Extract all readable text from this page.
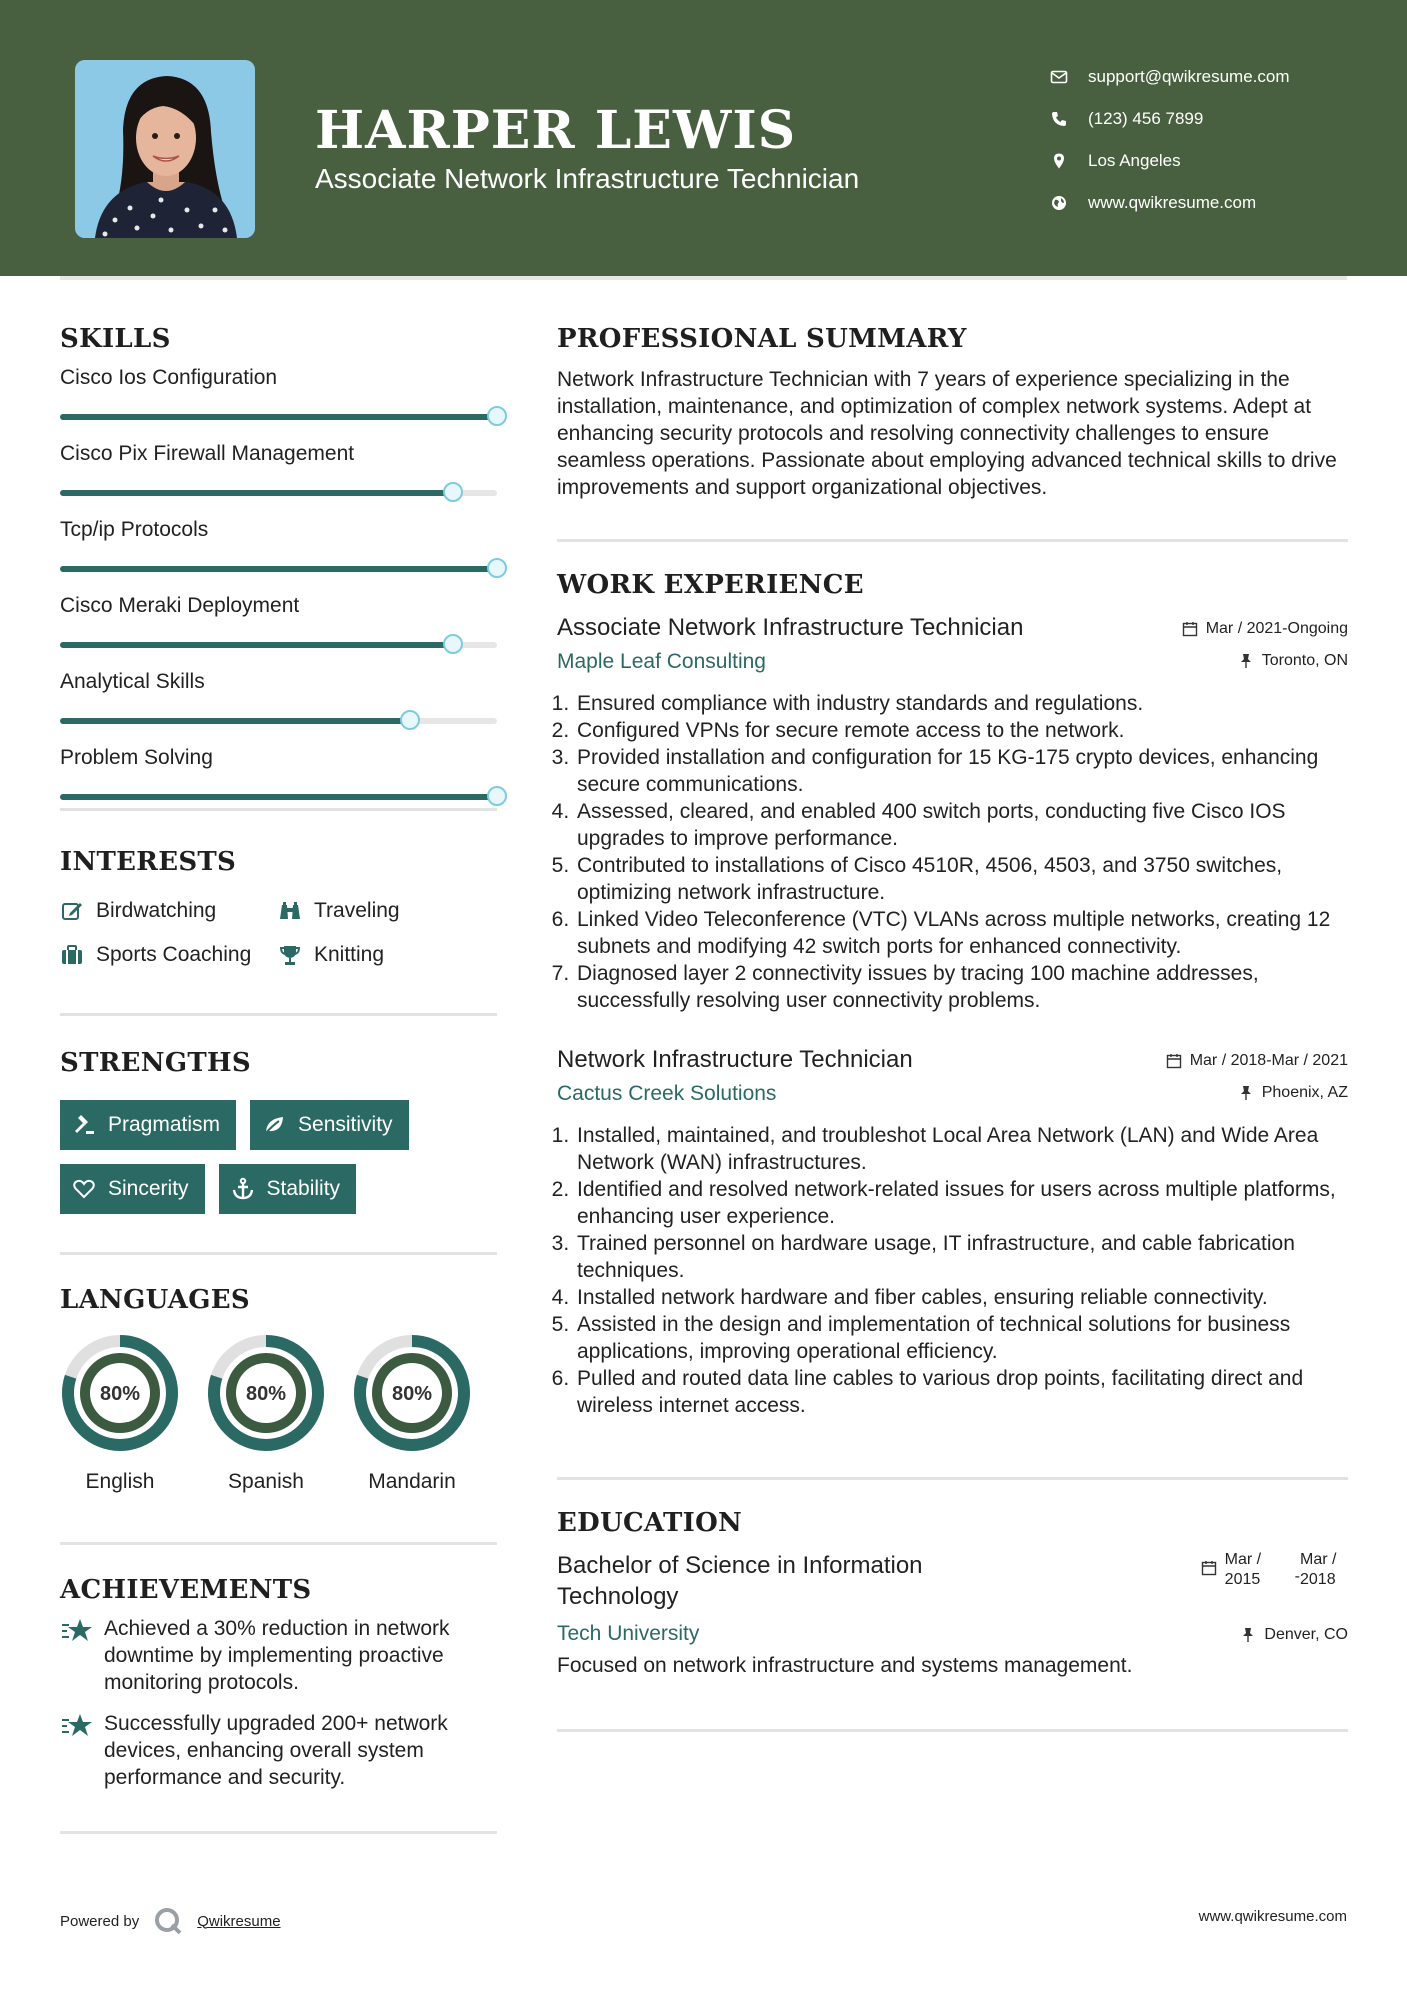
HARPER LEWIS
Associate Network Infrastructure Technician
support@qwikresume.com
(123) 456 7899
Los Angeles
www.qwikresume.com
SKILLS
Cisco Ios Configuration
Cisco Pix Firewall Management
Tcp/ip Protocols
Cisco Meraki Deployment
Analytical Skills
Problem Solving
INTERESTS
Birdwatching	Traveling
Sports Coaching	Knitting
STRENGTHS
Pragmatism	Sensitivity
Sincerity	Stability
LANGUAGES
80%
English
80%
Spanish
80%
Mandarin
ACHIEVEMENTS
Achieved a 30% reduction in network downtime by implementing proactive monitoring protocols.
Successfully upgraded 200+ network devices, enhancing overall system performance and security.
PROFESSIONAL SUMMARY
Network Infrastructure Technician with 7 years of experience specializing in the installation, maintenance, and optimization of complex network systems. Adept at enhancing security protocols and resolving connectivity challenges to ensure seamless operations. Passionate about employing advanced technical skills to drive improvements and support organizational objectives.
WORK EXPERIENCE
Associate Network Infrastructure Technician	Mar / 2021-Ongoing
Maple Leaf Consulting	Toronto, ON
1. Ensured compliance with industry standards and regulations.
2. Configured VPNs for secure remote access to the network.
3. Provided installation and configuration for 15 KG-175 crypto devices, enhancing secure communications.
4. Assessed, cleared, and enabled 400 switch ports, conducting five Cisco IOS upgrades to improve performance.
5. Contributed to installations of Cisco 4510R, 4506, 4503, and 3750 switches, optimizing network infrastructure.
6. Linked Video Teleconference (VTC) VLANs across multiple networks, creating 12 subnets and modifying 42 switch ports for enhanced connectivity.
7. Diagnosed layer 2 connectivity issues by tracing 100 machine addresses, successfully resolving user connectivity problems.
Network Infrastructure Technician	Mar / 2018-Mar / 2021
Cactus Creek Solutions	Phoenix, AZ
1. Installed, maintained, and troubleshot Local Area Network (LAN) and Wide Area Network (WAN) infrastructures.
2. Identified and resolved network-related issues for users across multiple platforms, enhancing user experience.
3. Trained personnel on hardware usage, IT infrastructure, and cable fabrication techniques.
4. Installed network hardware and fiber cables, ensuring reliable connectivity.
5. Assisted in the design and implementation of technical solutions for business applications, improving operational efficiency.
6. Pulled and routed data line cables to various drop points, facilitating direct and wireless internet access.
EDUCATION
Bachelor of Science in Information Technology
Mar / 2015	-
Mar / 2018
Tech University	Denver, CO
Focused on network infrastructure and systems management.
Powered by	Qwikresume	www.qwikresume.com
